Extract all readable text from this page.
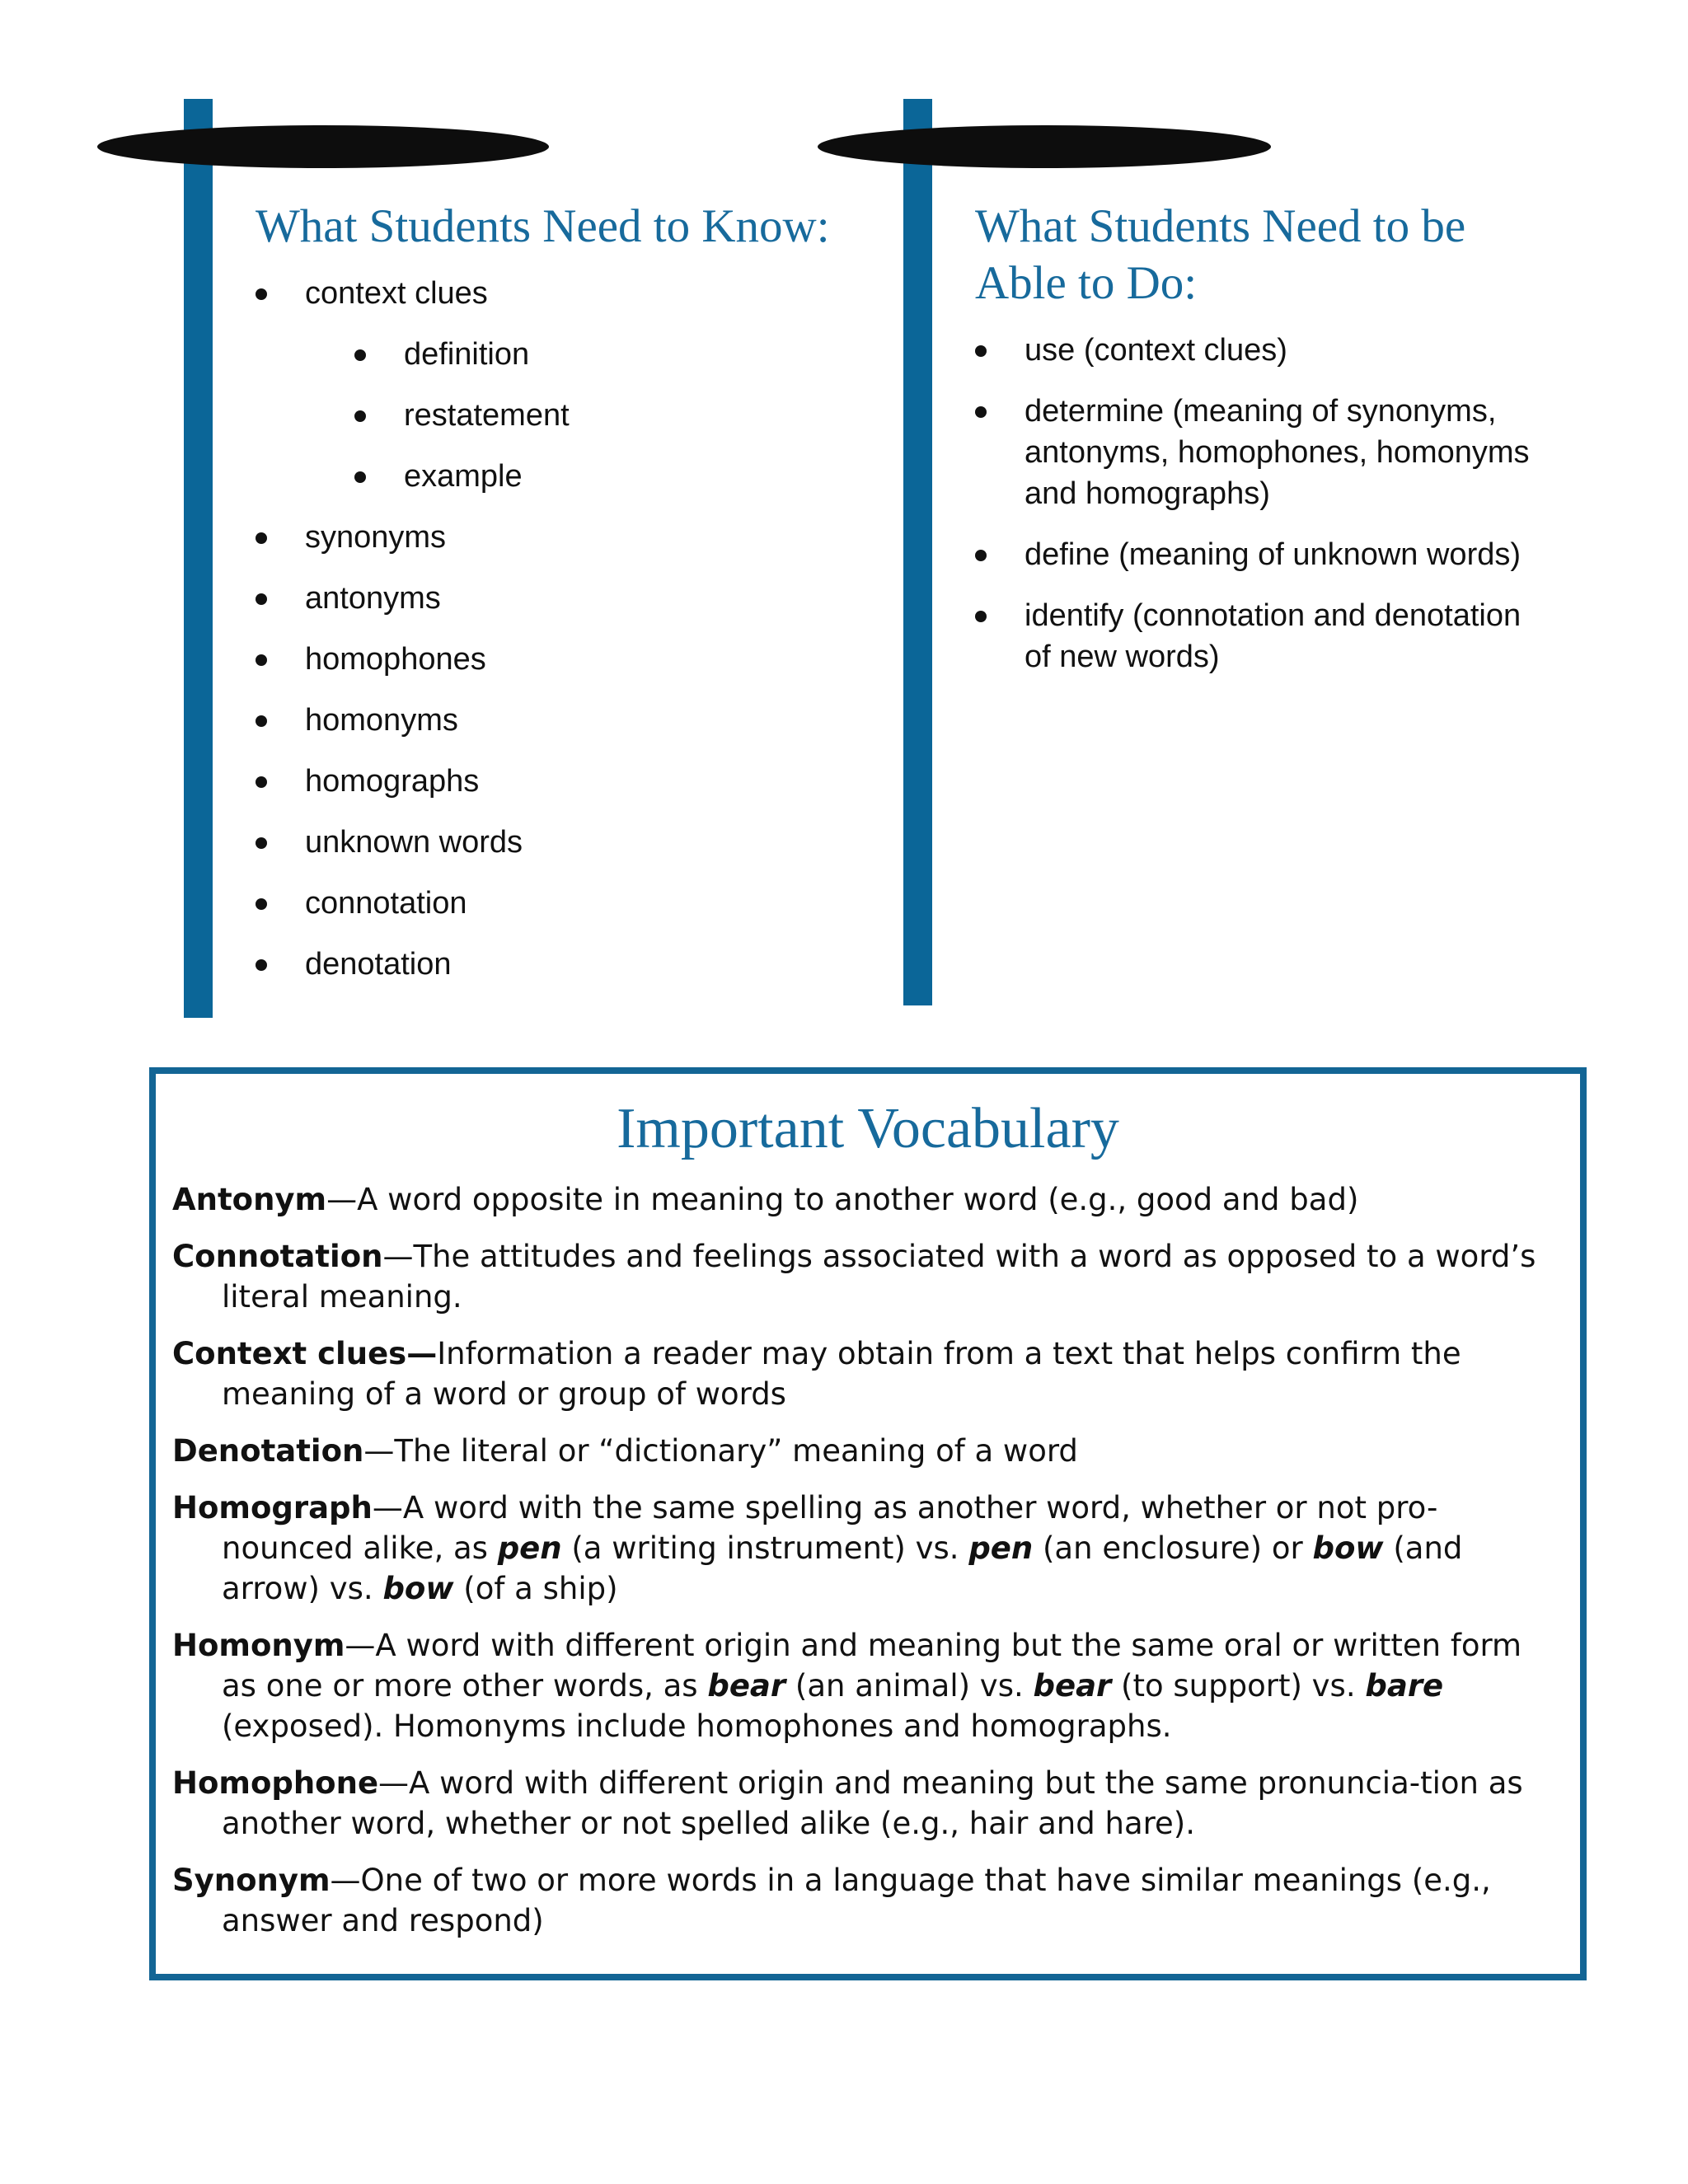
What Students Need to Know:
context clues
definition
restatement
example
synonyms
antonyms
homophones
homonyms
homographs
unknown words
connotation
denotation
What Students Need to be
Able to Do:
use (context clues)
determine (meaning of synonyms,
antonyms, homophones, homonyms
and homographs)
define (meaning of unknown words)
identify (connotation and denotation
of new words)
Important Vocabulary
Antonym—A word opposite in meaning to another word (e.g., good and bad)
Connotation—The attitudes and feelings associated with a word as opposed to a word’s literal meaning.
Context clues—Information a reader may obtain from a text that helps confirm the meaning of a word or group of words
Denotation—The literal or “dictionary” meaning of a word
Homograph—A word with the same spelling as another word, whether or not pro-nounced alike, as pen (a writing instrument) vs. pen (an enclosure) or bow (and arrow) vs. bow (of a ship)
Homonym—A word with different origin and meaning but the same oral or written form as one or more other words, as bear (an animal) vs. bear (to support) vs. bare (exposed). Homonyms include homophones and homographs.
Homophone—A word with different origin and meaning but the same pronuncia-tion as another word, whether or not spelled alike (e.g., hair and hare).
Synonym—One of two or more words in a language that have similar meanings (e.g., answer and respond)
